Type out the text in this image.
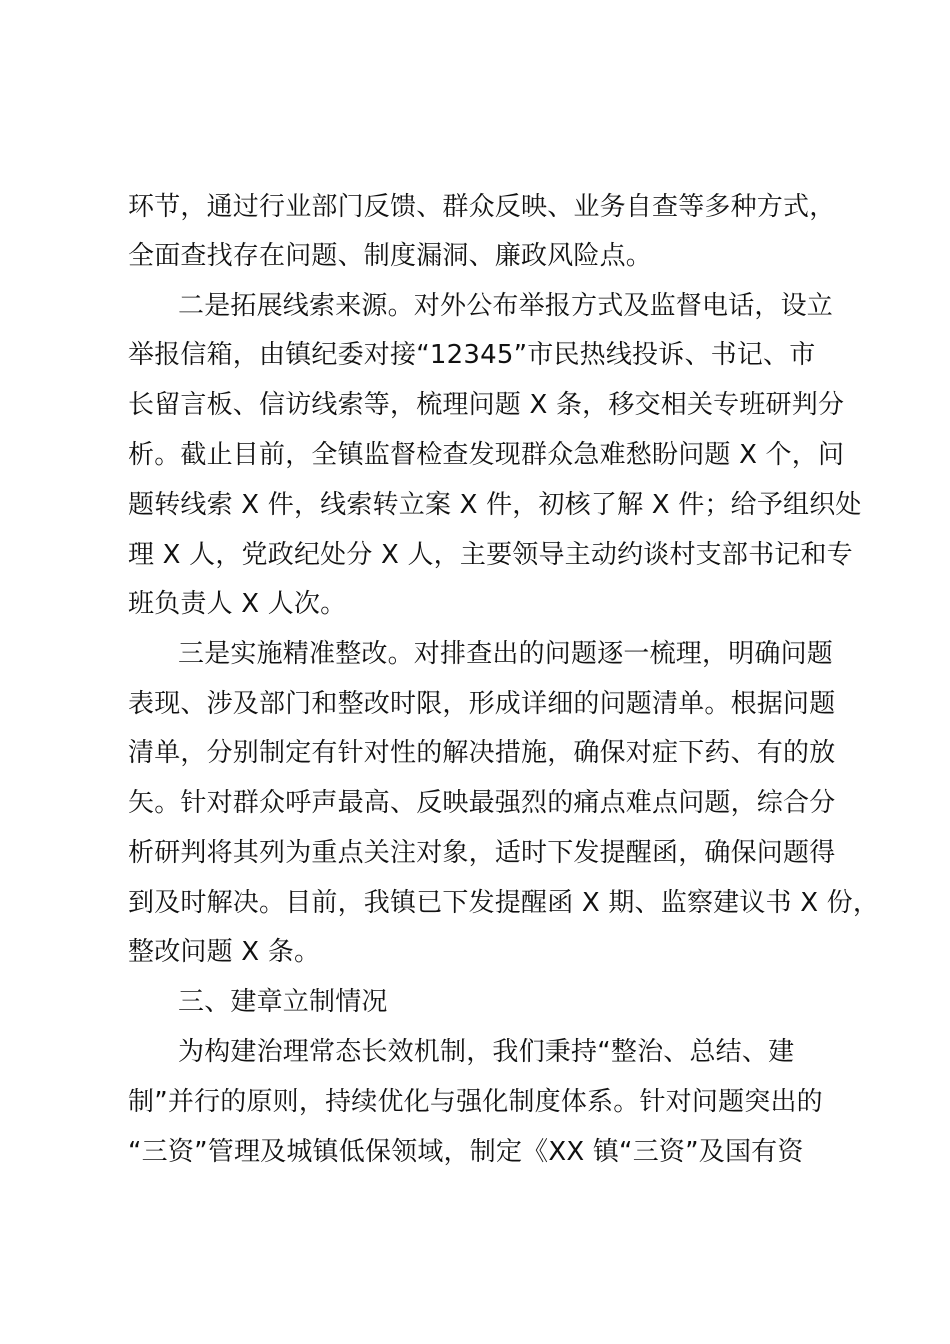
环节，通过行业部门反馈、群众反映、业务自查等多种方式，
全面查找存在问题、制度漏洞、廉政风险点。
二是拓展线索来源。对外公布举报方式及监督电话，设立
举报信箱，由镇纪委对接“12345”市民热线投诉、书记、市
长留言板、信访线索等，梳理问题 X 条，移交相关专班研判分
析。截止目前，全镇监督检查发现群众急难愁盼问题 X 个，问
题转线索 X 件，线索转立案 X 件，初核了解 X 件；给予组织处
理 X 人，党政纪处分 X 人，主要领导主动约谈村支部书记和专
班负责人 X 人次。
三是实施精准整改。对排查出的问题逐一梳理，明确问题
表现、涉及部门和整改时限，形成详细的问题清单。根据问题
清单，分别制定有针对性的解决措施，确保对症下药、有的放
矢。针对群众呼声最高、反映最强烈的痛点难点问题，综合分
析研判将其列为重点关注对象，适时下发提醒函，确保问题得
到及时解决。目前，我镇已下发提醒函 X 期、监察建议书 X 份，
整改问题 X 条。
三、建章立制情况
为构建治理常态长效机制，我们秉持“整治、总结、建
制”并行的原则，持续优化与强化制度体系。针对问题突出的
“三资”管理及城镇低保领域，制定《XX 镇“三资”及国有资
